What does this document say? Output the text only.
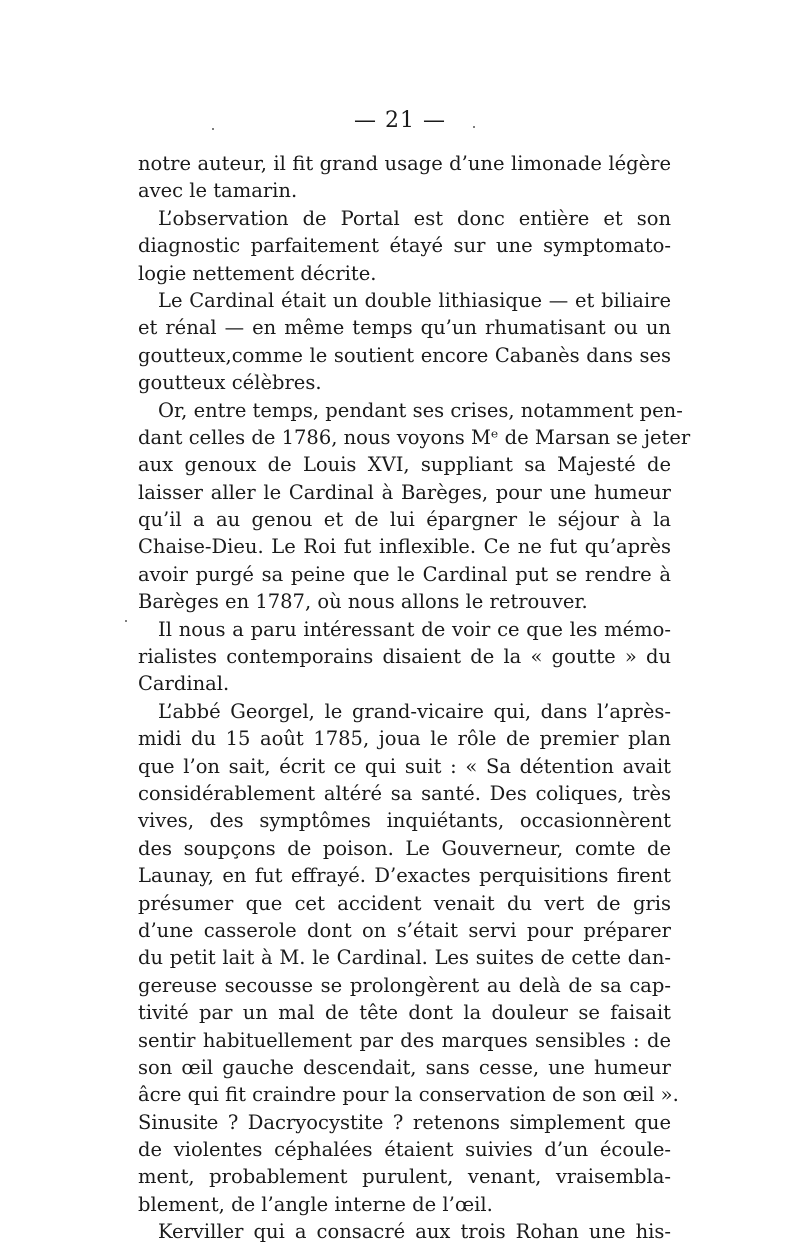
— 21 —
notre auteur, il fit grand usage d’une limonade légère
avec le tamarin.
L’observation de Portal est donc entière et son
diagnostic parfaitement étayé sur une symptomato-
logie nettement décrite.
Le Cardinal était un double lithiasique — et biliaire
et rénal — en même temps qu’un rhumatisant ou un
goutteux,comme le soutient encore Cabanès dans ses
goutteux célèbres.
Or, entre temps, pendant ses crises, notamment pen-
dant celles de 1786, nous voyons Mᵉ de Marsan se jeter
aux genoux de Louis XVI, suppliant sa Majesté de
laisser aller le Cardinal à Barèges, pour une humeur
qu’il a au genou et de lui épargner le séjour à la
Chaise-Dieu. Le Roi fut inflexible. Ce ne fut qu’après
avoir purgé sa peine que le Cardinal put se rendre à
Barèges en 1787, où nous allons le retrouver.
Il nous a paru intéressant de voir ce que les mémo-
rialistes contemporains disaient de la « goutte » du
Cardinal.
L’abbé Georgel, le grand-vicaire qui, dans l’après-
midi du 15 août 1785, joua le rôle de premier plan
que l’on sait, écrit ce qui suit : « Sa détention avait
considérablement altéré sa santé. Des coliques, très
vives, des symptômes inquiétants, occasionnèrent
des soupçons de poison. Le Gouverneur, comte de
Launay, en fut effrayé. D’exactes perquisitions firent
présumer que cet accident venait du vert de gris
d’une casserole dont on s’était servi pour préparer
du petit lait à M. le Cardinal. Les suites de cette dan-
gereuse secousse se prolongèrent au delà de sa cap-
tivité par un mal de tête dont la douleur se faisait
sentir habituellement par des marques sensibles : de
son œil gauche descendait, sans cesse, une humeur
âcre qui fit craindre pour la conservation de son œil ».
Sinusite ? Dacryocystite ? retenons simplement que
de violentes céphalées étaient suivies d’un écoule-
ment, probablement purulent, venant, vraisembla-
blement, de l’angle interne de l’œil.
Kerviller qui a consacré aux trois Rohan une his-
